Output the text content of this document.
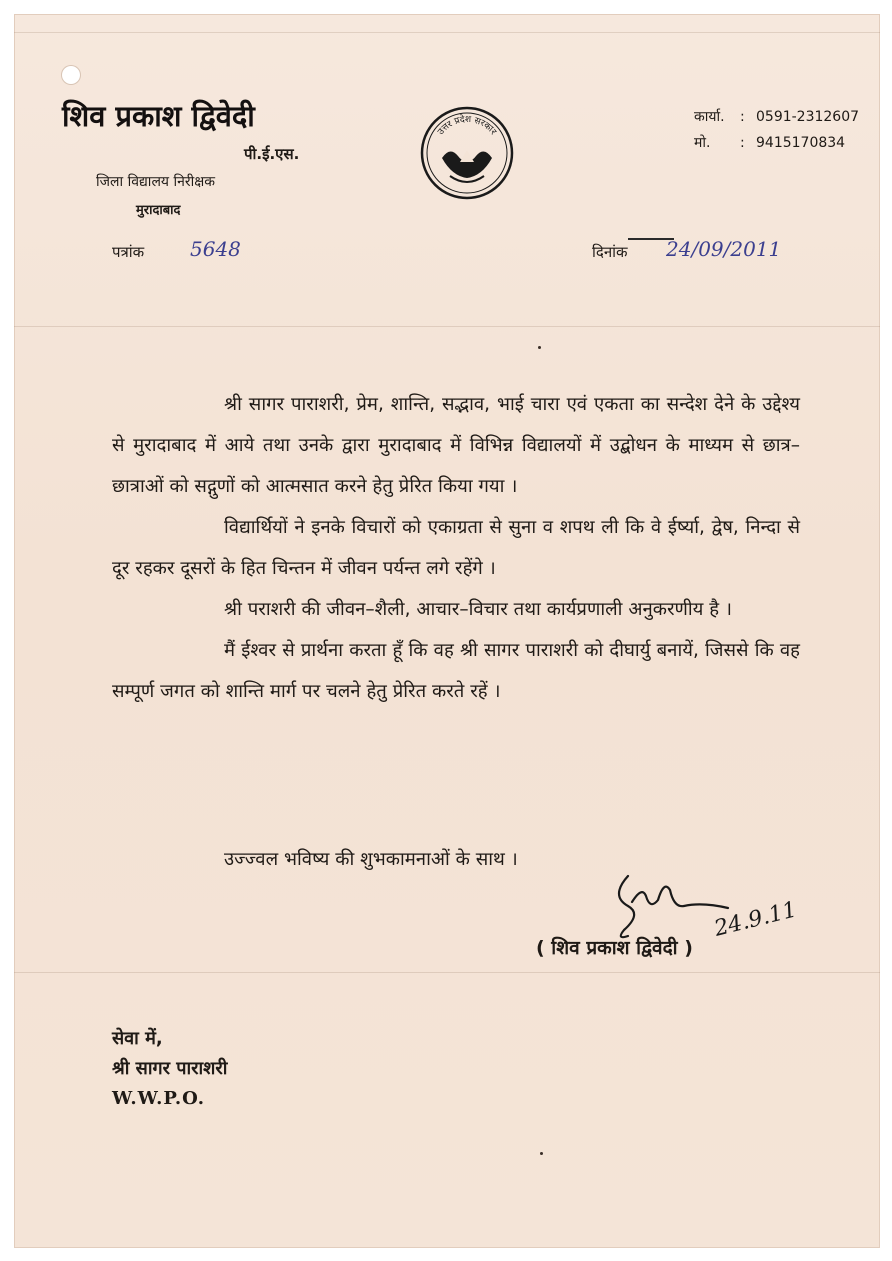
शिव प्रकाश द्विवेदी
पी.ई.एस.
जिला विद्यालय निरीक्षक
मुरादाबाद
उत्तर प्रदेश सरकार
कार्या. : 0591-2312607
मो. : 9415170834
पत्रांक 5648	दिनांक 24/09/2011

श्री सागर पाराशरी, प्रेम, शान्ति, सद्भाव, भाई चारा एवं एकता का सन्देश देने के उद्देश्य से मुरादाबाद में आये तथा उनके द्वारा मुरादाबाद में विभिन्न विद्यालयों में उद्बोधन के माध्यम से छात्र–छात्राओं को सद्गुणों को आत्मसात करने हेतु प्रेरित किया गया ।

विद्यार्थियों ने इनके विचारों को एकाग्रता से सुना व शपथ ली कि वे ईर्ष्या, द्वेष, निन्दा से दूर रहकर दूसरों के हित चिन्तन में जीवन पर्यन्त लगे रहेंगे ।

श्री पराशरी की जीवन–शैली, आचार–विचार तथा कार्यप्रणाली अनुकरणीय है ।

मैं ईश्वर से प्रार्थना करता हूँ कि वह श्री सागर पाराशरी को दीघार्यु बनायें, जिससे कि वह सम्पूर्ण जगत को शान्ति मार्ग पर चलने हेतु प्रेरित करते रहें ।

उज्ज्वल भविष्य की शुभकामनाओं के साथ ।
24.9.11
( शिव प्रकाश द्विवेदी )
सेवा में,
श्री सागर पाराशरी
W.W.P.O.
